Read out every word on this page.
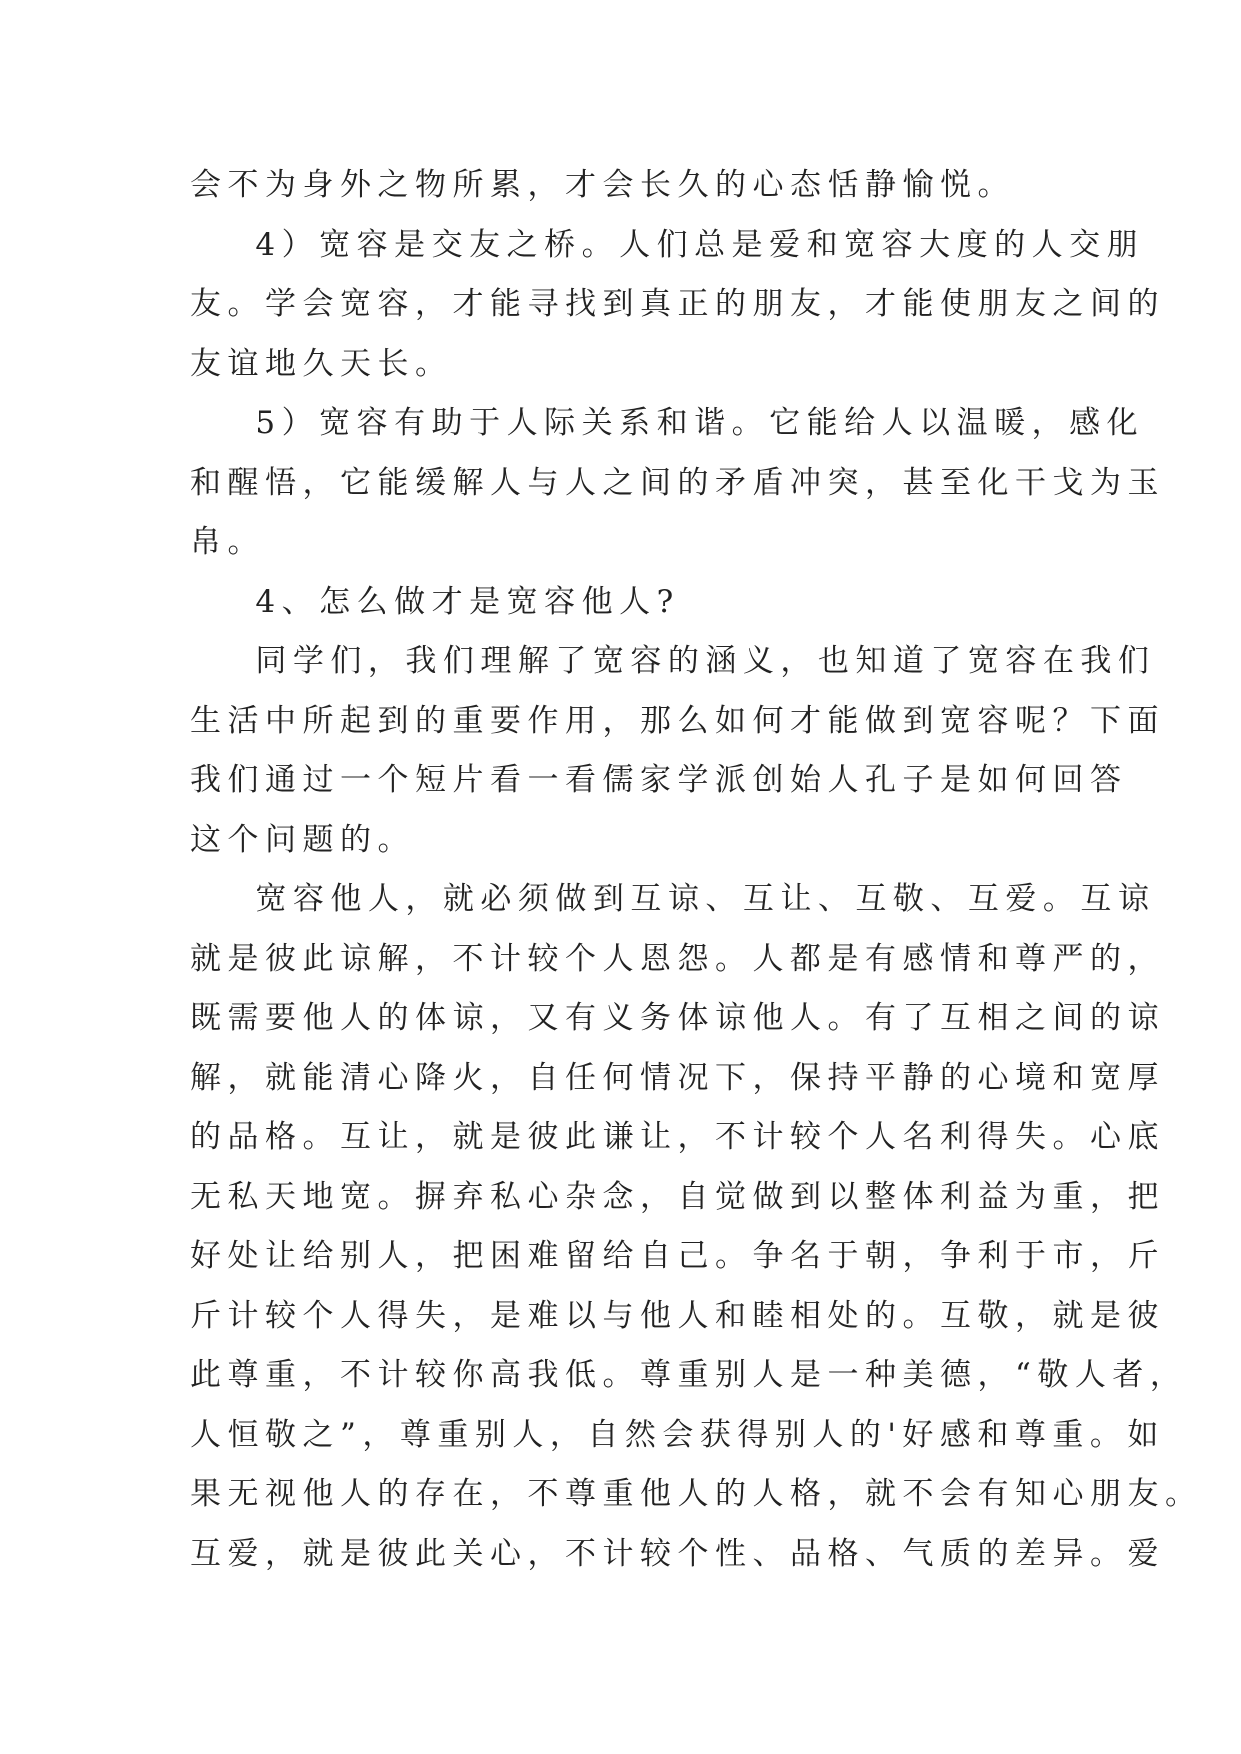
会不为身外之物所累，才会长久的心态恬静愉悦。
4）宽容是交友之桥。人们总是爱和宽容大度的人交朋
友。学会宽容，才能寻找到真正的朋友，才能使朋友之间的
友谊地久天长。
5）宽容有助于人际关系和谐。它能给人以温暖，感化
和醒悟，它能缓解人与人之间的矛盾冲突，甚至化干戈为玉
帛。
4、怎么做才是宽容他人?
同学们，我们理解了宽容的涵义，也知道了宽容在我们
生活中所起到的重要作用，那么如何才能做到宽容呢？下面
我们通过一个短片看一看儒家学派创始人孔子是如何回答
这个问题的。
宽容他人，就必须做到互谅、互让、互敬、互爱。互谅
就是彼此谅解，不计较个人恩怨。人都是有感情和尊严的，
既需要他人的体谅，又有义务体谅他人。有了互相之间的谅
解，就能清心降火，自任何情况下，保持平静的心境和宽厚
的品格。互让，就是彼此谦让，不计较个人名利得失。心底
无私天地宽。摒弃私心杂念，自觉做到以整体利益为重，把
好处让给别人，把困难留给自己。争名于朝，争利于市，斤
斤计较个人得失，是难以与他人和睦相处的。互敬，就是彼
此尊重，不计较你高我低。尊重别人是一种美德，“敬人者，
人恒敬之”，尊重别人，自然会获得别人的'好感和尊重。如
果无视他人的存在，不尊重他人的人格，就不会有知心朋友。
互爱，就是彼此关心，不计较个性、品格、气质的差异。爱
